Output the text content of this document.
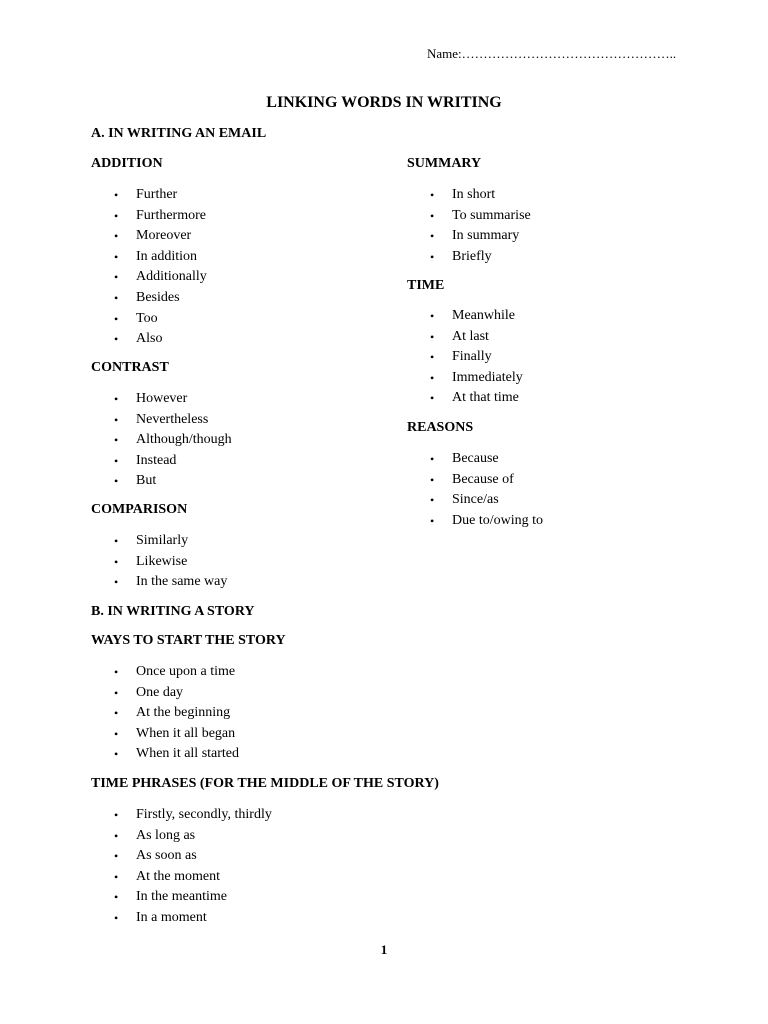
Name:…………………………………………..
LINKING WORDS IN WRITING
A. IN WRITING AN EMAIL
ADDITION
• Further
• Furthermore
• Moreover
• In addition
• Additionally
• Besides
• Too
• Also
CONTRAST
• However
• Nevertheless
• Although/though
• Instead
• But
COMPARISON
• Similarly
• Likewise
• In the same way
SUMMARY
• In short
• To summarise
• In summary
• Briefly
TIME
• Meanwhile
• At last
• Finally
• Immediately
• At that time
REASONS
• Because
• Because of
• Since/as
• Due to/owing to
B. IN WRITING A STORY
WAYS TO START THE STORY
• Once upon a time
• One day
• At the beginning
• When it all began
• When it all started
TIME PHRASES (FOR THE MIDDLE OF THE STORY)
• Firstly, secondly, thirdly
• As long as
• As soon as
• At the moment
• In the meantime
• In a moment
1
